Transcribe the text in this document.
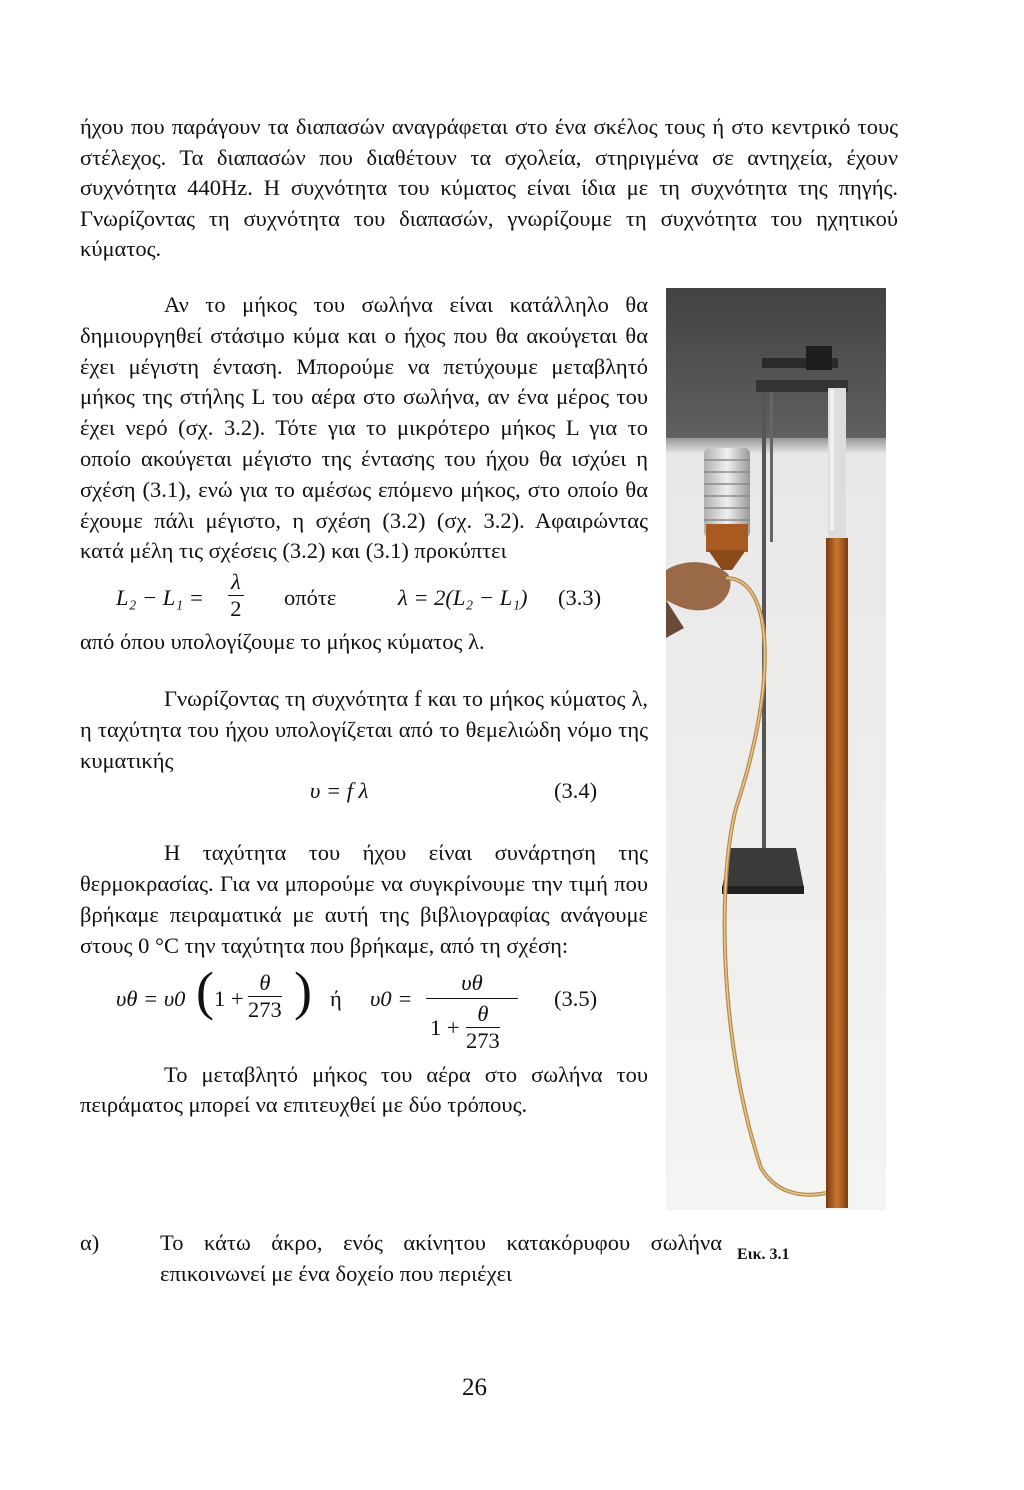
ήχου που παράγουν τα διαπασών αναγράφεται στο ένα σκέλος τους ή στο κεντρικό τους στέλεχος. Τα διαπασών που διαθέτουν τα σχολεία, στηριγμένα σε αντηχεία, έχουν συχνότητα 440Hz. Η συχνότητα του κύματος είναι ίδια με τη συχνότητα της πηγής. Γνωρίζοντας τη συχνότητα του διαπασών, γνωρίζουμε τη συχνότητα του ηχητικού κύματος.

Αν το μήκος του σωλήνα είναι κατάλληλο θα δημιουργηθεί στάσιμο κύμα και ο ήχος που θα ακούγεται θα έχει μέγιστη ένταση. Μπορούμε να πετύχουμε μεταβλητό μήκος της στήλης L του αέρα στο σωλήνα, αν ένα μέρος του έχει νερό (σχ. 3.2). Τότε για το μικρότερο μήκος L για το οποίο ακούγεται μέγιστο της έντασης του ήχου θα ισχύει η σχέση (3.1), ενώ για το αμέσως επόμενο μήκος, στο οποίο θα έχουμε πάλι μέγιστο, η σχέση (3.2) (σχ. 3.2). Αφαιρώντας κατά μέλη τις σχέσεις (3.2) και (3.1) προκύπτει

$L_2 - L_1 = \frac{\lambda}{2}$ οπότε	λ = 2(L₂ − L₁) (3.3)

από όπου υπολογίζουμε το μήκος κύματος λ.

Γνωρίζοντας τη συχνότητα f και το μήκος κύματος λ, η ταχύτητα του ήχου υπολογίζεται από το θεμελιώδη νόμο της κυματικής

υ = f λ	(3.4)

Η ταχύτητα του ήχου είναι συνάρτηση της θερμοκρασίας. Για να μπορούμε να συγκρίνουμε την τιμή που βρήκαμε πειραματικά με αυτή της βιβλιογραφίας ανάγουμε στους 0 °C την ταχύτητα που βρήκαμε, από τη σχέση:

υθ = υ0 ( $1 + \frac{\theta}{273}$ ) ή $\upsilon 0 = \frac{\upsilon\theta}{1 + \frac{\theta}{273}} (3.5)$

Το μεταβλητό μήκος του αέρα στο σωλήνα του πειράματος μπορεί να επιτευχθεί με δύο τρόπους.

α)	Το κάτω άκρο, ενός ακίνητου κατακόρυφου σωλήνα επικοινωνεί με ένα δοχείο που περιέχει
Εικ. 3.1
26
